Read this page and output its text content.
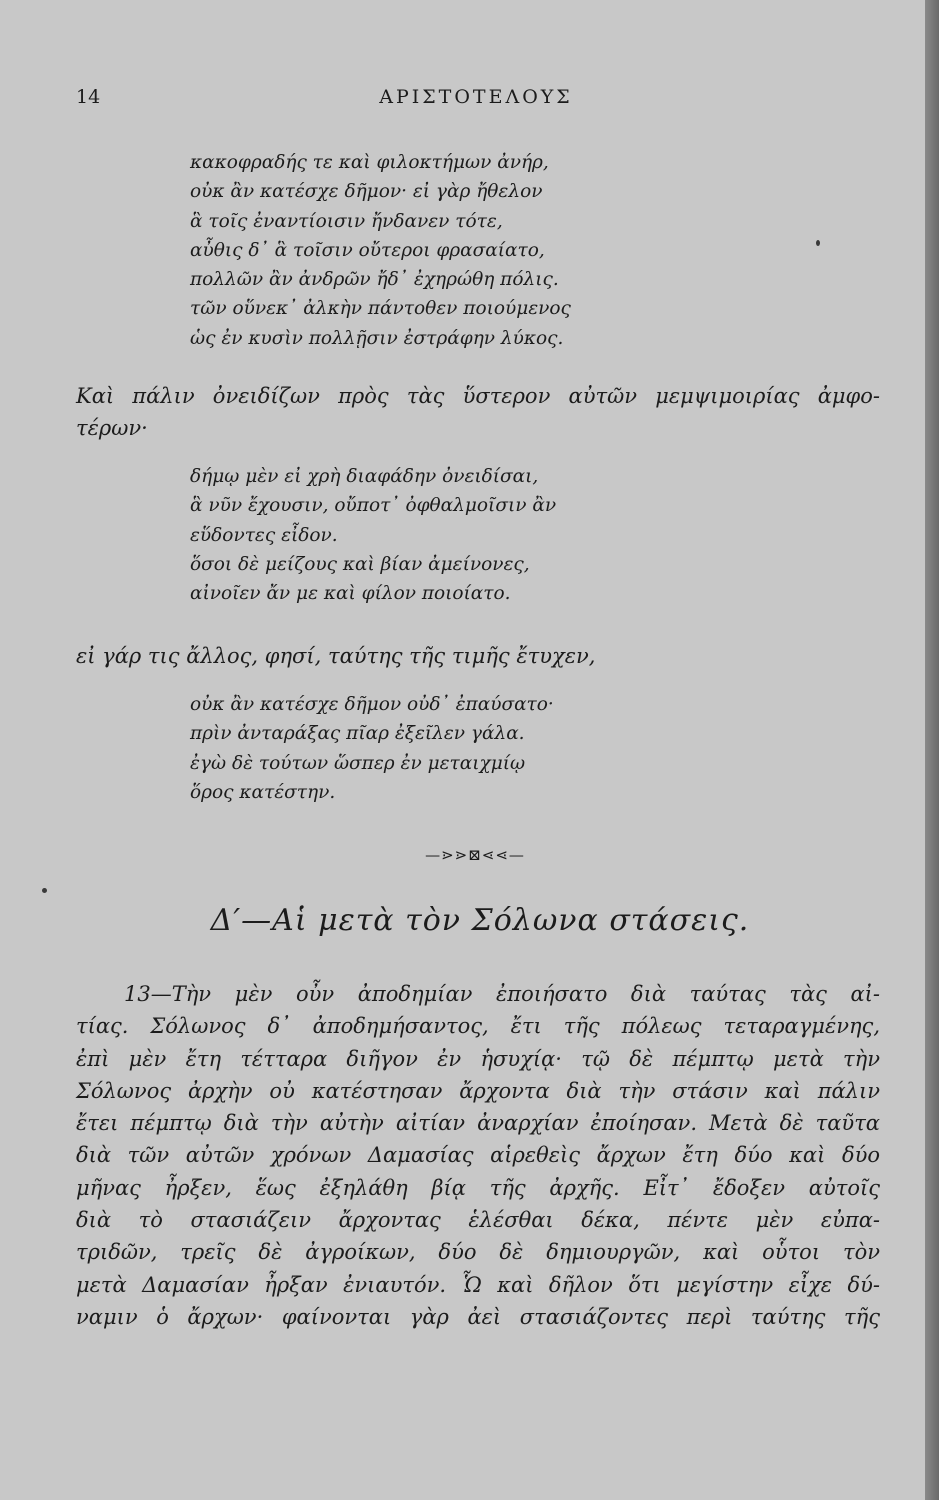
14	ΑΡΙΣΤΟΤΕΛΟΥΣ
κακοφραδής τε καὶ φιλοκτήμων ἀνήρ,
οὐκ ἂν κατέσχε δῆμον· εἰ γὰρ ἤθελον
ἃ τοῖς ἐναντίοισιν ἤνδανεν τότε,
αὖθις δ᾽ ἃ τοῖσιν οὔτεροι φρασαίατο,
πολλῶν ἂν ἀνδρῶν ἤδ᾽ ἐχηρώθη πόλις.
τῶν οὕνεκ᾽ ἀλκὴν πάντοθεν ποιούμενος
ὡς ἐν κυσὶν πολλῇσιν ἐστράφην λύκος.
Καὶ πάλιν ὀνειδίζων πρὸς τὰς ὕστερον αὐτῶν μεμψιμοιρίας ἀμφο-
τέρων·
δήμῳ μὲν εἰ χρὴ διαφάδην ὀνειδίσαι,
ἃ νῦν ἔχουσιν, οὔποτ᾽ ὀφθαλμοῖσιν ἂν
εὕδοντες εἶδον.
ὅσοι δὲ μείζους καὶ βίαν ἀμείνονες,
αἰνοῖεν ἄν με καὶ φίλον ποιοίατο.
εἰ γάρ τις ἄλλος, φησί, ταύτης τῆς τιμῆς ἔτυχεν,
οὐκ ἂν κατέσχε δῆμον οὐδ᾽ ἐπαύσατο·
πρὶν ἀνταράξας πῖαρ ἐξεῖλεν γάλα.
ἐγὼ δὲ τούτων ὥσπερ ἐν μεταιχμίῳ
ὅρος κατέστην.
—⋗⋗⊠⋖⋖—
Δ′—Αἱ μετὰ τὸν Σόλωνα στάσεις.
13—Τὴν μὲν οὖν ἀποδημίαν ἐποιήσατο διὰ ταύτας τὰς αἰ-
τίας. Σόλωνος δ᾽ ἀποδημήσαντος, ἔτι τῆς πόλεως τεταραγμένης,
ἐπὶ μὲν ἔτη τέτταρα διῆγον ἐν ἡσυχίᾳ· τῷ δὲ πέμπτῳ μετὰ τὴν
Σόλωνος ἀρχὴν οὐ κατέστησαν ἄρχοντα διὰ τὴν στάσιν καὶ πάλιν
ἔτει πέμπτῳ διὰ τὴν αὐτὴν αἰτίαν ἀναρχίαν ἐποίησαν. Μετὰ δὲ ταῦτα
διὰ τῶν αὐτῶν χρόνων Δαμασίας αἱρεθεὶς ἄρχων ἔτη δύο καὶ δύο
μῆνας ἦρξεν, ἕως ἐξηλάθη βίᾳ τῆς ἀρχῆς. Εἶτ᾽ ἔδοξεν αὐτοῖς
διὰ τὸ στασιάζειν ἄρχοντας ἑλέσθαι δέκα, πέντε μὲν εὐπα-
τριδῶν, τρεῖς δὲ ἀγροίκων, δύο δὲ δημιουργῶν, καὶ οὗτοι τὸν
μετὰ Δαμασίαν ἦρξαν ἐνιαυτόν. Ὧ καὶ δῆλον ὅτι μεγίστην εἶχε δύ-
ναμιν ὁ ἄρχων· φαίνονται γὰρ ἀεὶ στασιάζοντες περὶ ταύτης τῆς
